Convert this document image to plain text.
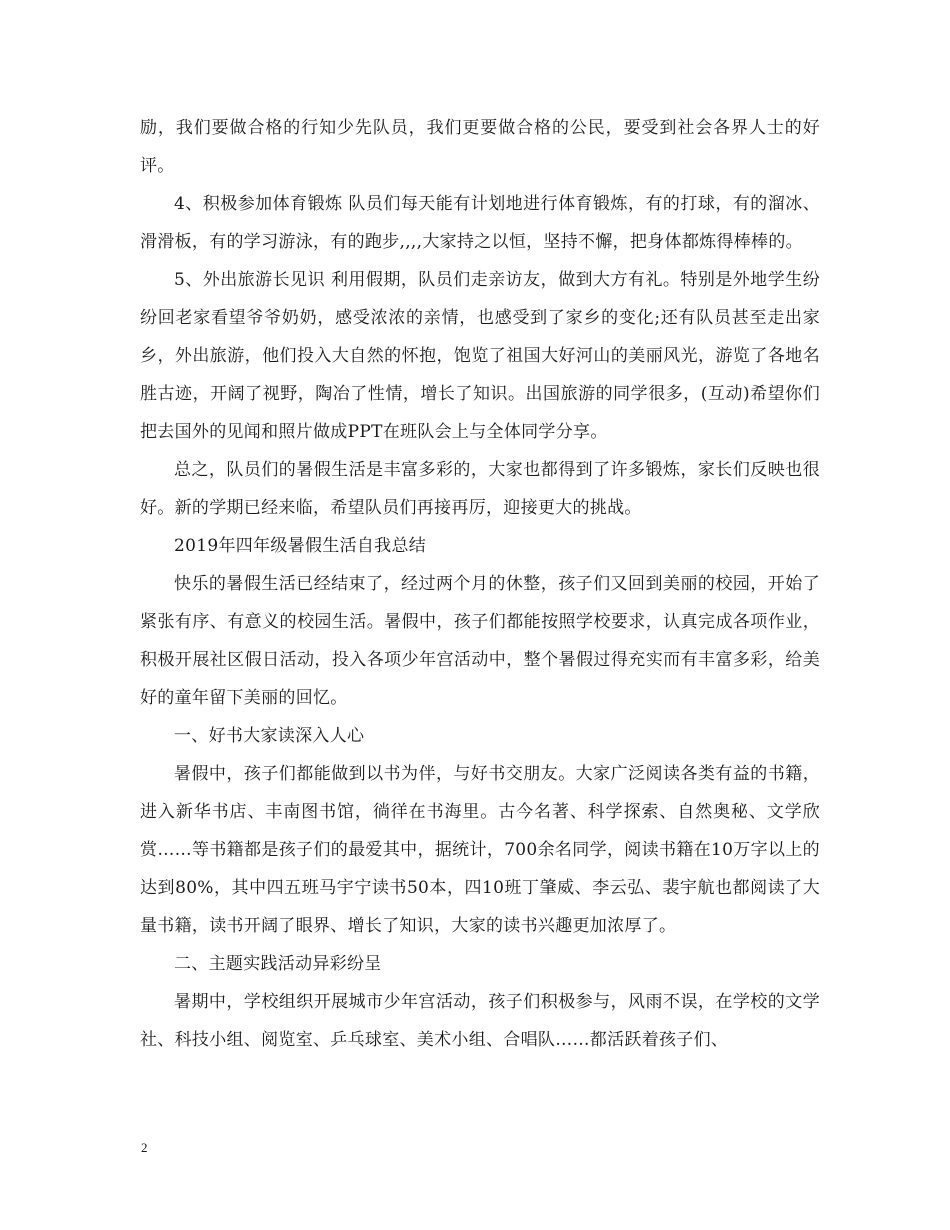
励，我们要做合格的行知少先队员，我们更要做合格的公民，要受到社会各界人士的好评。

4、积极参加体育锻炼 队员们每天能有计划地进行体育锻炼，有的打球，有的溜冰、滑滑板，有的学习游泳，有的跑步,,,,大家持之以恒，坚持不懈，把身体都炼得棒棒的。

5、外出旅游长见识 利用假期，队员们走亲访友，做到大方有礼。特别是外地学生纷纷回老家看望爷爷奶奶，感受浓浓的亲情，也感受到了家乡的变化;还有队员甚至走出家乡，外出旅游，他们投入大自然的怀抱，饱览了祖国大好河山的美丽风光，游览了各地名胜古迹，开阔了视野，陶冶了性情，增长了知识。出国旅游的同学很多，(互动)希望你们把去国外的见闻和照片做成PPT在班队会上与全体同学分享。

总之，队员们的暑假生活是丰富多彩的，大家也都得到了许多锻炼，家长们反映也很好。新的学期已经来临，希望队员们再接再厉，迎接更大的挑战。

2019年四年级暑假生活自我总结

快乐的暑假生活已经结束了，经过两个月的休整，孩子们又回到美丽的校园，开始了紧张有序、有意义的校园生活。暑假中，孩子们都能按照学校要求，认真完成各项作业，积极开展社区假日活动，投入各项少年宫活动中，整个暑假过得充实而有丰富多彩，给美好的童年留下美丽的回忆。

一、好书大家读深入人心

暑假中，孩子们都能做到以书为伴，与好书交朋友。大家广泛阅读各类有益的书籍，进入新华书店、丰南图书馆，徜徉在书海里。古今名著、科学探索、自然奥秘、文学欣赏……等书籍都是孩子们的最爱其中，据统计，700余名同学，阅读书籍在10万字以上的达到80%，其中四五班马宇宁读书50本，四10班丁肇威、李云弘、裴宇航也都阅读了大量书籍，读书开阔了眼界、增长了知识，大家的读书兴趣更加浓厚了。

二、主题实践活动异彩纷呈

暑期中，学校组织开展城市少年宫活动，孩子们积极参与，风雨不误，在学校的文学社、科技小组、阅览室、乒乓球室、美术小组、合唱队……都活跃着孩子们、

2
